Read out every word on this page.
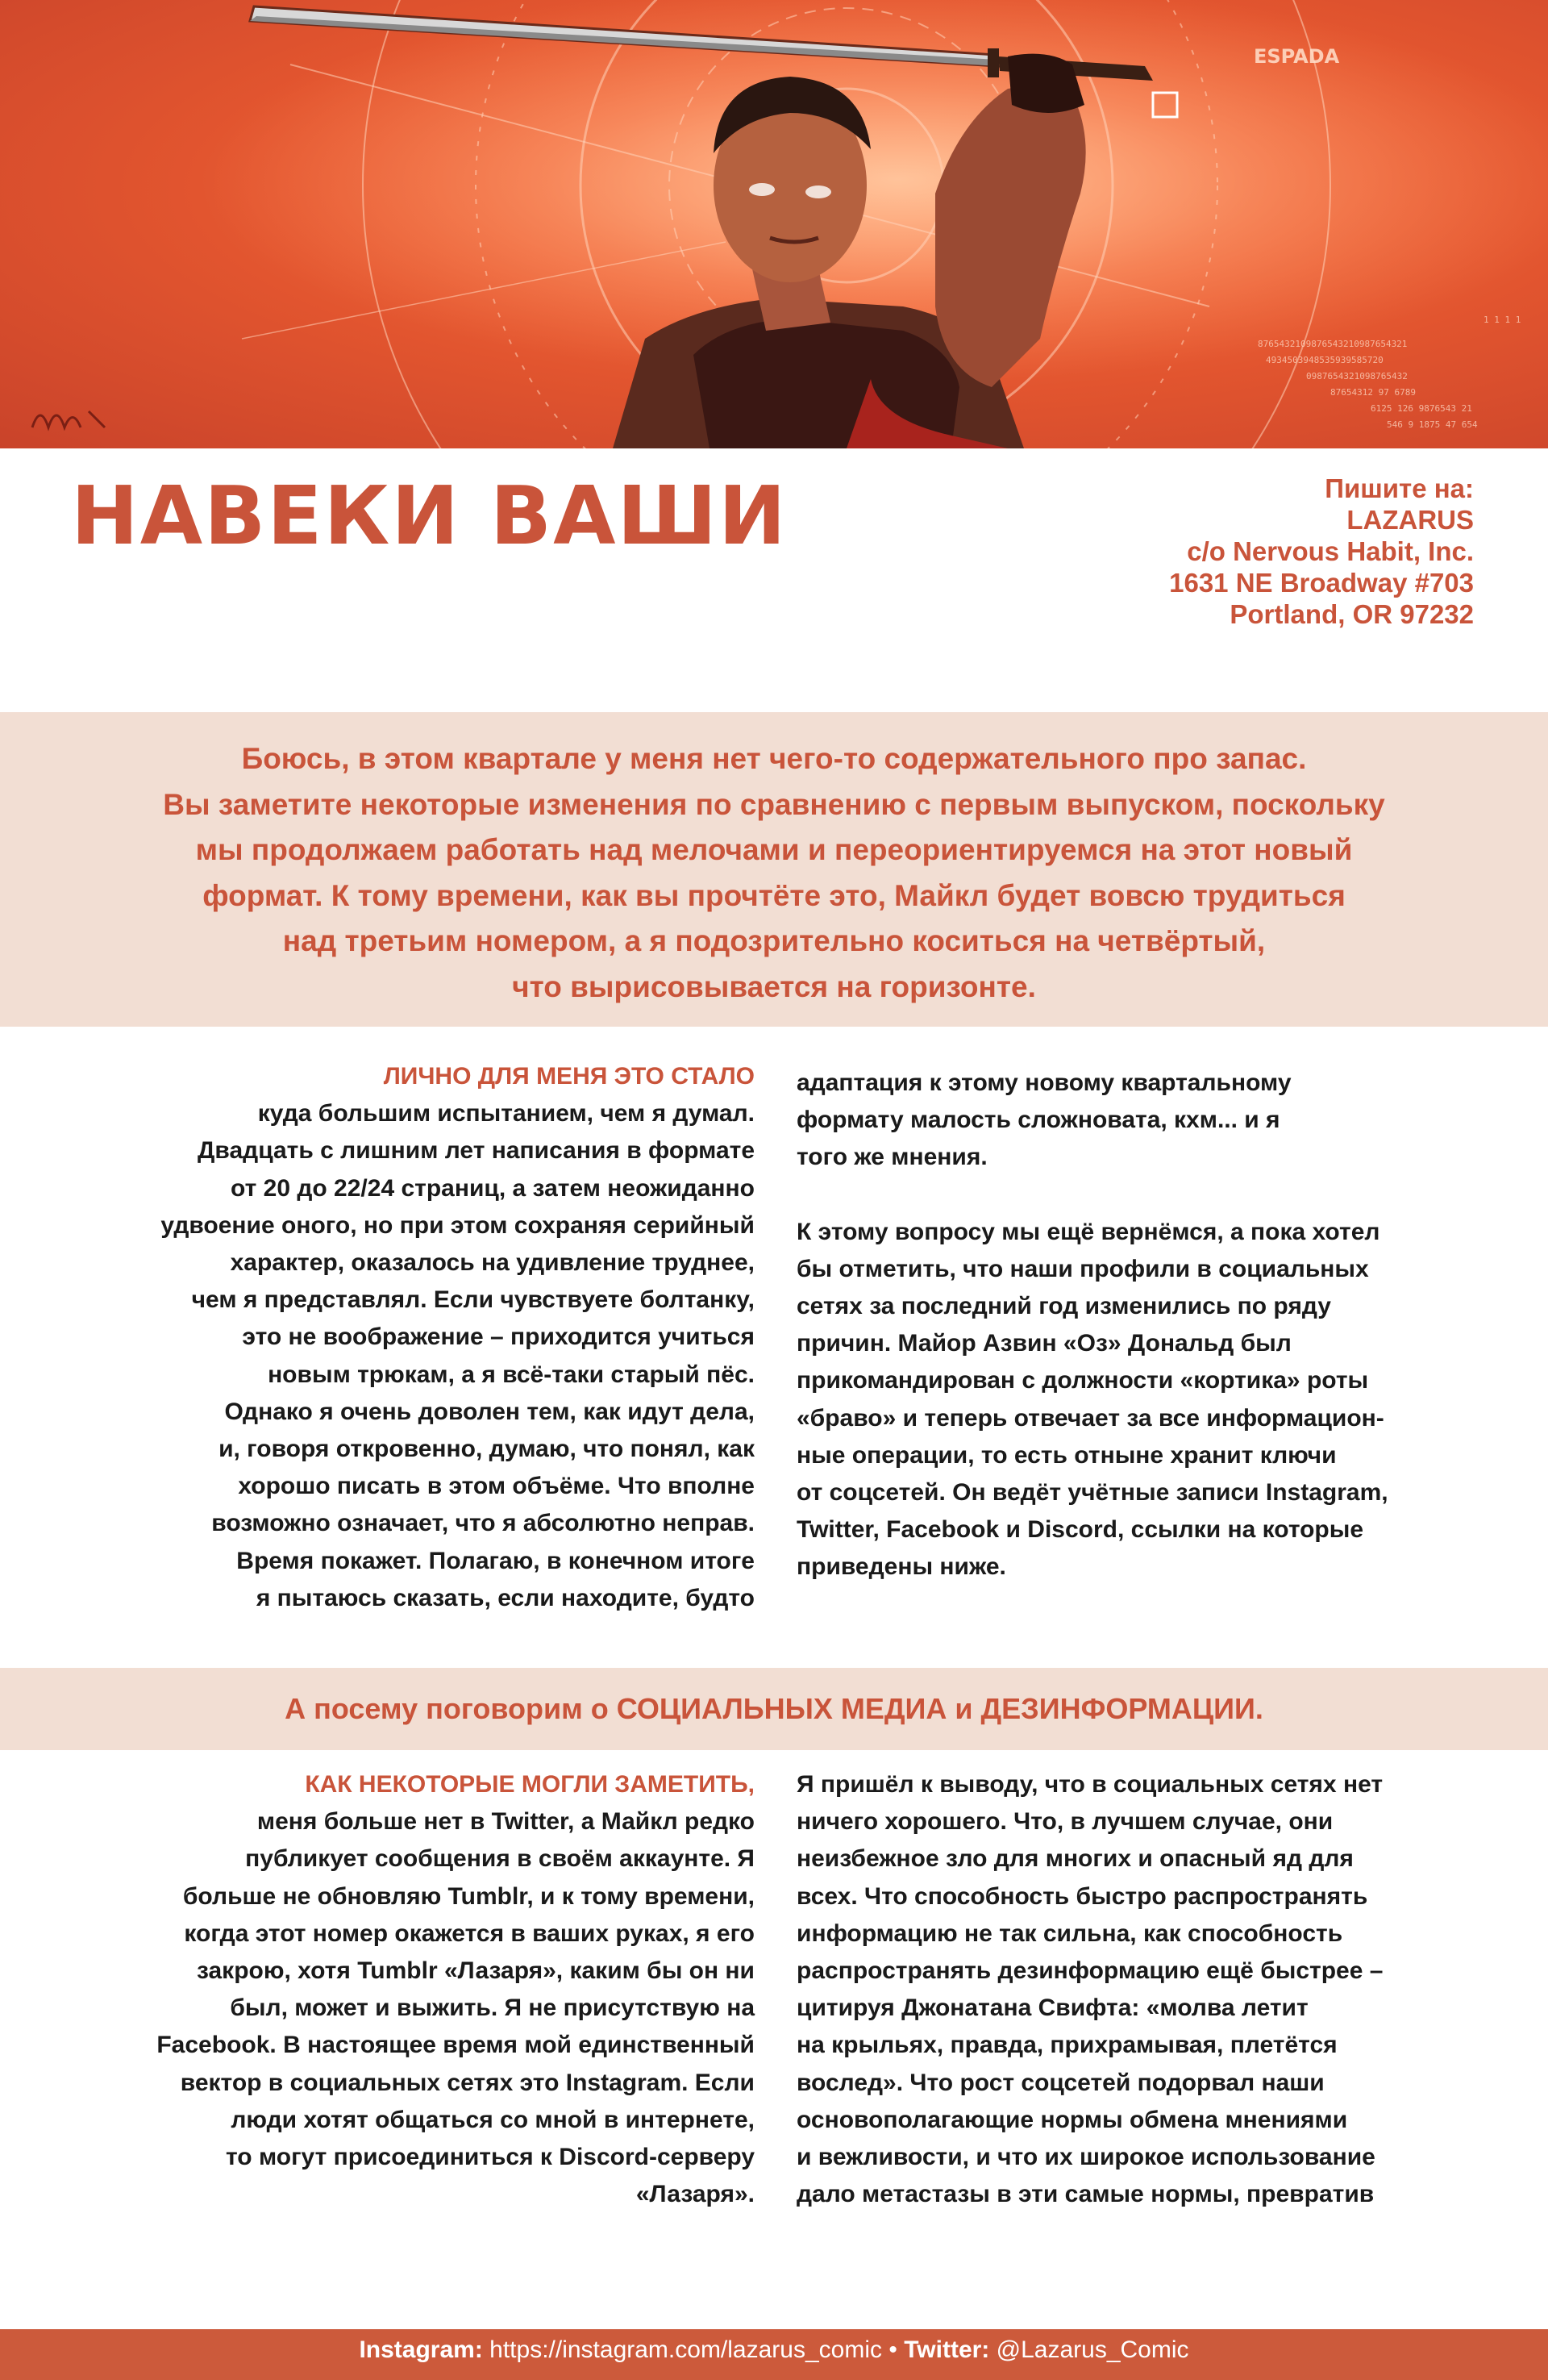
8765432109876543210987654321
4934503948535939585720
0987654321098765432
87654312 97 6789
6125 126 9876543 21
546 9 1875 47 654
1 1 1 1
ESPADA
НАВЕКИ ВАШИ	Пишите на:
LAZARUS
c/o Nervous Habit, Inc.
1631 NE Broadway #703
Portland, OR 97232
Боюсь, в этом квартале у меня нет чего-то содержательного про запас.
Вы заметите некоторые изменения по сравнению с первым выпуском, поскольку
мы продолжаем работать над мелочами и переориентируемся на этот новый
формат. К тому времени, как вы прочтёте это, Майкл будет вовсю трудиться
над третьим номером, а я подозрительно коситься на четвёртый,
что вырисовывается на горизонте.
ЛИЧНО ДЛЯ МЕНЯ ЭТО СТАЛО
куда большим испытанием, чем я думал.
Двадцать с лишним лет написания в формате
от 20 до 22/24 страниц, а затем неожиданно
удвоение оного, но при этом сохраняя серийный
характер, оказалось на удивление труднее,
чем я представлял. Если чувствуете болтанку,
это не воображение – приходится учиться
новым трюкам, а я всё-таки старый пёс.
Однако я очень доволен тем, как идут дела,
и, говоря откровенно, думаю, что понял, как
хорошо писать в этом объёме. Что вполне
возможно означает, что я абсолютно неправ.
Время покажет. Полагаю, в конечном итоге
я пытаюсь сказать, если находите, будто
адаптация к этому новому квартальному
формату малость сложноватa, кхм... и я
того же мнения.
К этому вопросу мы ещё вернёмся, а пока хотел
бы отметить, что наши профили в социальных
сетях за последний год изменились по ряду
причин. Майор Азвин «Оз» Дональд был
прикомандирован с должности «кортика» роты
«браво» и теперь отвечает за все информацион-
ные операции, то есть отныне хранит ключи
от соцсетей. Он ведёт учётные записи Instagram,
Twitter, Facebook и Discord, ссылки на которые
приведены ниже.
А посему поговорим о СОЦИАЛЬНЫХ МЕДИА и ДЕЗИНФОРМАЦИИ.
КАК НЕКОТОРЫЕ МОГЛИ ЗАМЕТИТЬ,
меня больше нет в Twitter, а Майкл редко
публикует сообщения в своём аккаунте. Я
больше не обновляю Tumblr, и к тому времени,
когда этот номер окажется в ваших руках, я его
закрою, хотя Tumblr «Лазаря», каким бы он ни
был, может и выжить. Я не присутствую на
Facebook. В настоящее время мой единственный
вектор в социальных сетях это Instagram. Если
люди хотят общаться со мной в интернете,
то могут присоединиться к Discord-серверу
«Лазаря».
Я пришёл к выводу, что в социальных сетях нет
ничего хорошего. Что, в лучшем случае, они
неизбежное зло для многих и опасный яд для
всех. Что способность быстро распространять
информацию не так сильна, как способность
распространять дезинформацию ещё быстрее –
цитируя Джонатана Свифта: «молва летит
на крыльях, правда, прихрамывая, плетётся
вослед». Что рост соцсетей подорвал наши
основополагающие нормы обмена мнениями
и вежливости, и что их широкое использование
дало метастазы в эти самые нормы, превратив
Instagram: https://instagram.com/lazarus_comic • Twitter: @Lazarus_Comic
